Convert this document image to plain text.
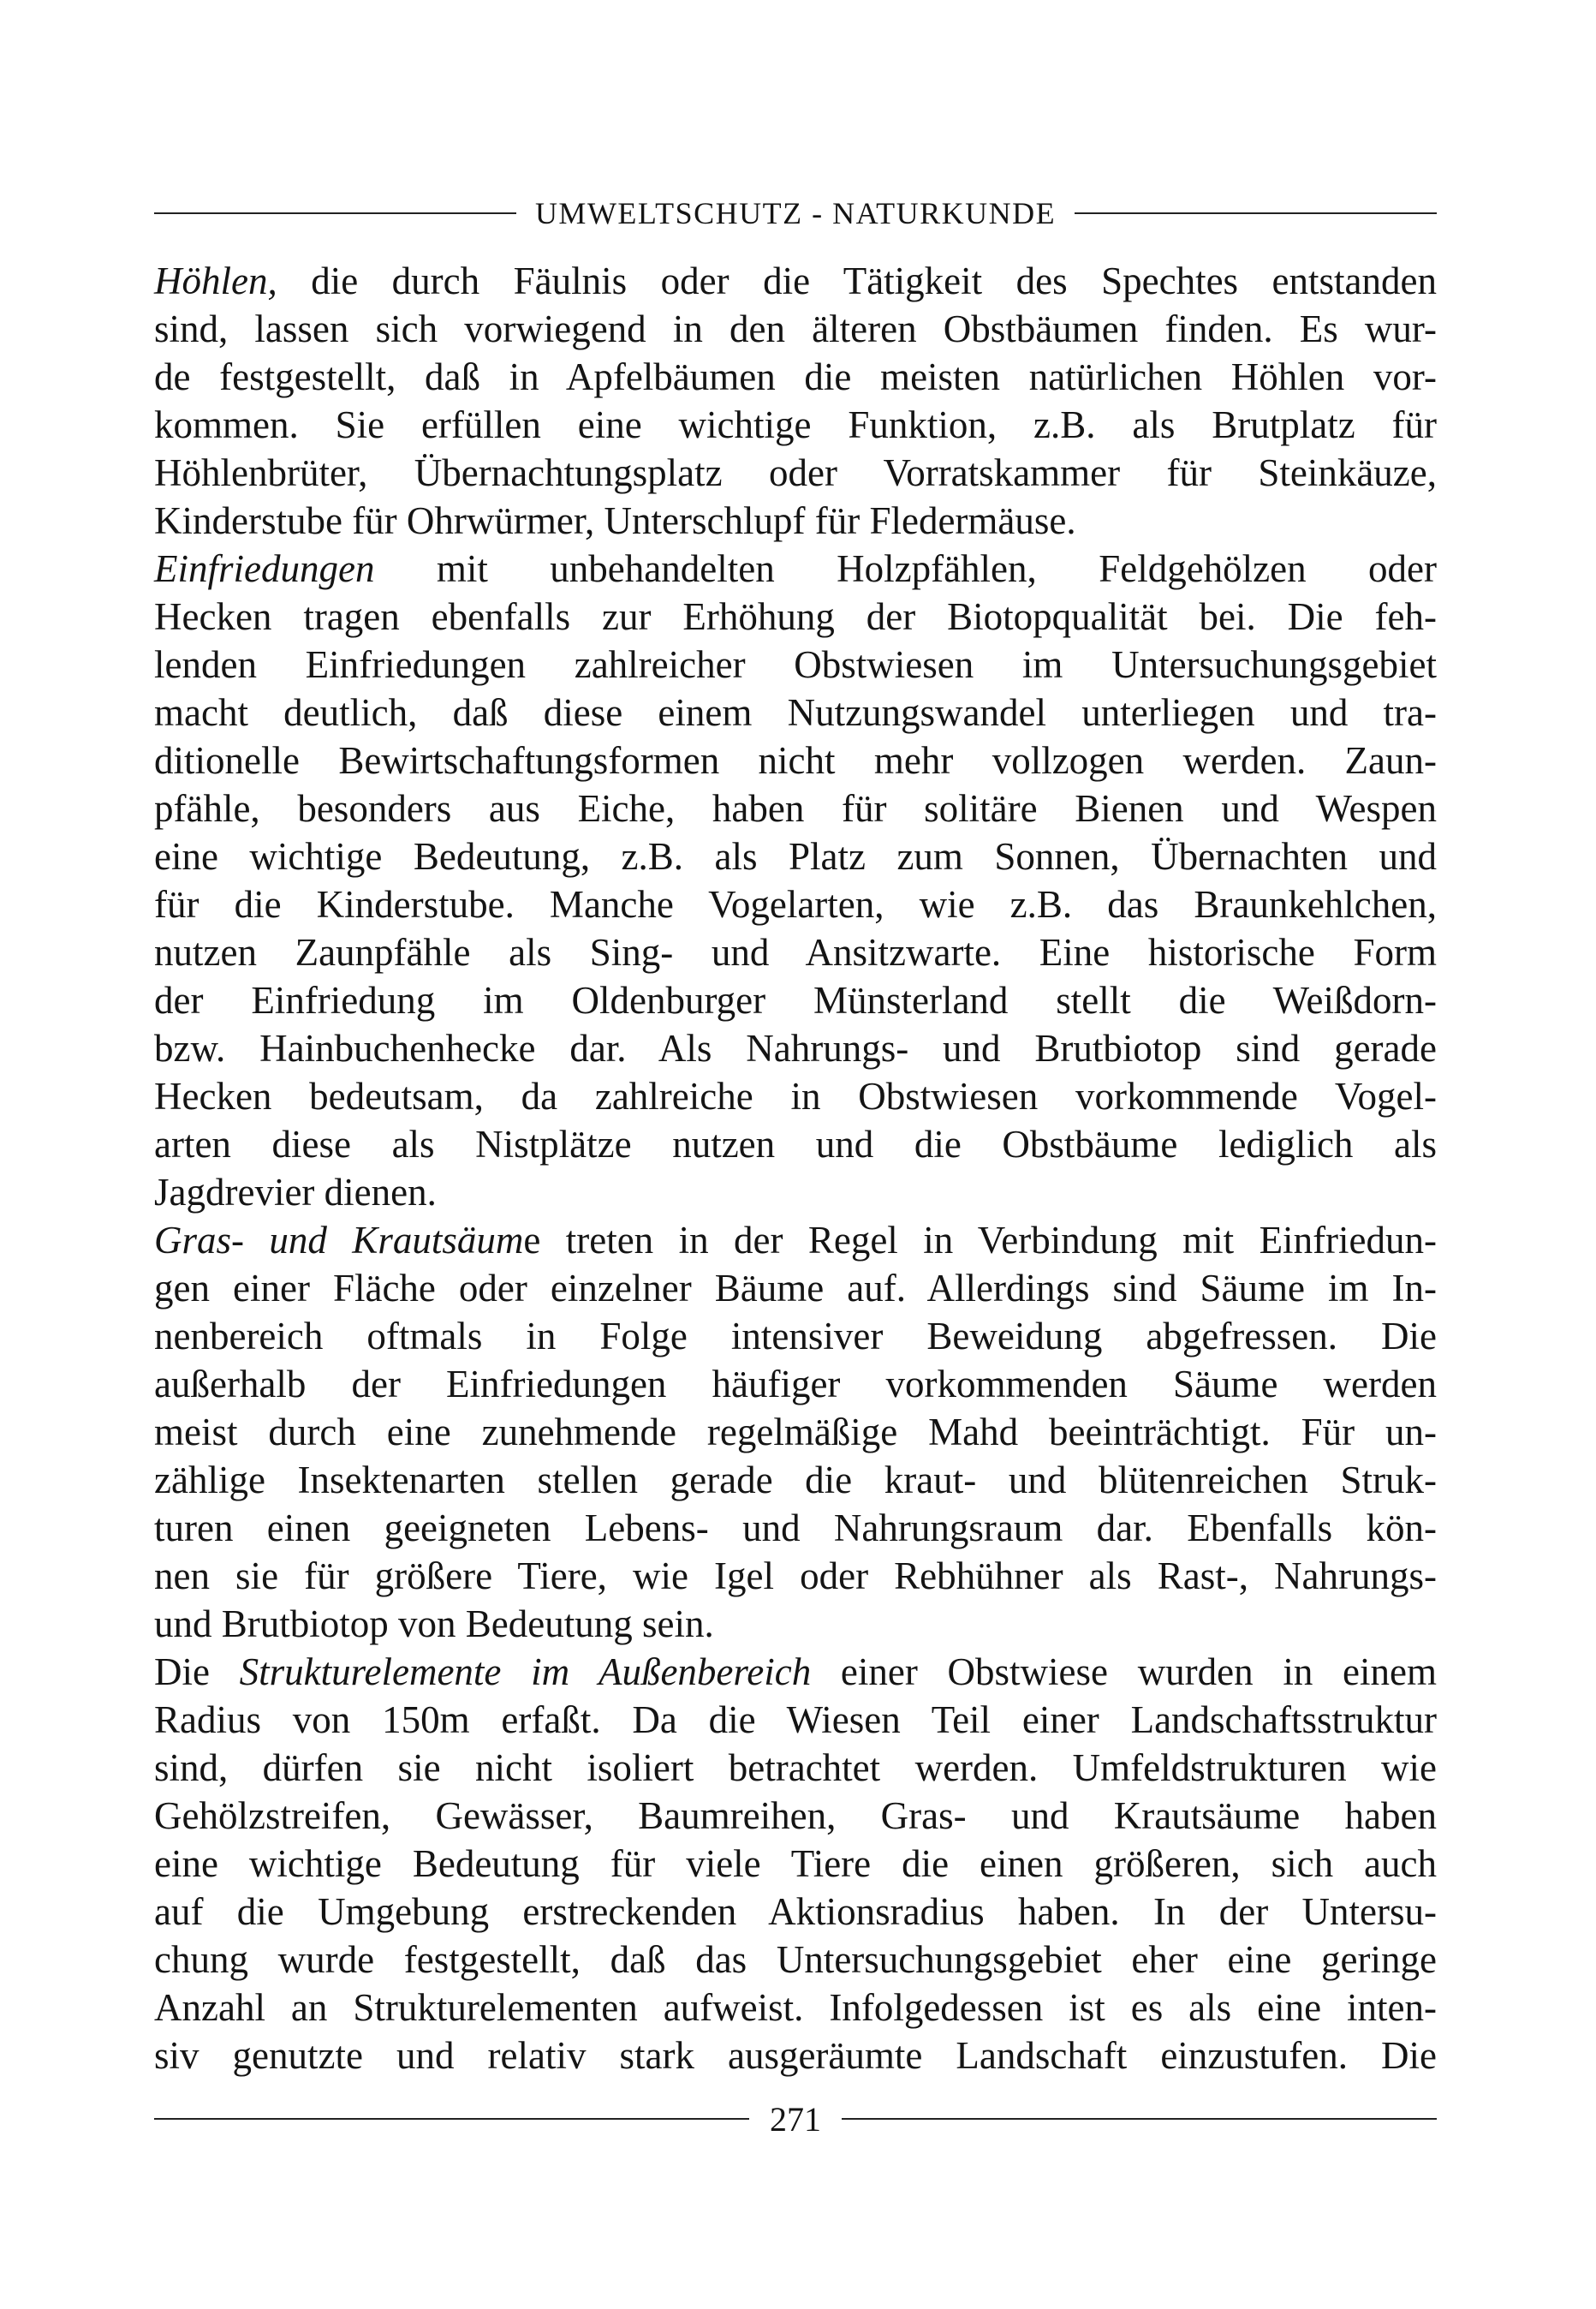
UMWELTSCHUTZ - NATURKUNDE
Höhlen, die durch Fäulnis oder die Tätigkeit des Spechtes entstanden
sind, lassen sich vorwiegend in den älteren Obstbäumen finden. Es wur-
de festgestellt, daß in Apfelbäumen die meisten natürlichen Höhlen vor-
kommen. Sie erfüllen eine wichtige Funktion, z.B. als Brutplatz für
Höhlenbrüter, Übernachtungsplatz oder Vorratskammer für Steinkäuze,
Kinderstube für Ohrwürmer, Unterschlupf für Fledermäuse.
Einfriedungen mit unbehandelten Holzpfählen, Feldgehölzen oder
Hecken tragen ebenfalls zur Erhöhung der Biotopqualität bei. Die feh-
lenden Einfriedungen zahlreicher Obstwiesen im Untersuchungsgebiet
macht deutlich, daß diese einem Nutzungswandel unterliegen und tra-
ditionelle Bewirtschaftungsformen nicht mehr vollzogen werden. Zaun-
pfähle, besonders aus Eiche, haben für solitäre Bienen und Wespen
eine wichtige Bedeutung, z.B. als Platz zum Sonnen, Übernachten und
für die Kinderstube. Manche Vogelarten, wie z.B. das Braunkehlchen,
nutzen Zaunpfähle als Sing- und Ansitzwarte. Eine historische Form
der Einfriedung im Oldenburger Münsterland stellt die Weißdorn-
bzw. Hainbuchenhecke dar. Als Nahrungs- und Brutbiotop sind gerade
Hecken bedeutsam, da zahlreiche in Obstwiesen vorkommende Vogel-
arten diese als Nistplätze nutzen und die Obstbäume lediglich als
Jagdrevier dienen.
Gras- und Krautsäume treten in der Regel in Verbindung mit Einfriedun-
gen einer Fläche oder einzelner Bäume auf. Allerdings sind Säume im In-
nenbereich oftmals in Folge intensiver Beweidung abgefressen. Die
außerhalb der Einfriedungen häufiger vorkommenden Säume werden
meist durch eine zunehmende regelmäßige Mahd beeinträchtigt. Für un-
zählige Insektenarten stellen gerade die kraut- und blütenreichen Struk-
turen einen geeigneten Lebens- und Nahrungsraum dar. Ebenfalls kön-
nen sie für größere Tiere, wie Igel oder Rebhühner als Rast-, Nahrungs-
und Brutbiotop von Bedeutung sein.
Die Strukturelemente im Außenbereich einer Obstwiese wurden in einem
Radius von 150m erfaßt. Da die Wiesen Teil einer Landschaftsstruktur
sind, dürfen sie nicht isoliert betrachtet werden. Umfeldstrukturen wie
Gehölzstreifen, Gewässer, Baumreihen, Gras- und Krautsäume haben
eine wichtige Bedeutung für viele Tiere die einen größeren, sich auch
auf die Umgebung erstreckenden Aktionsradius haben. In der Untersu-
chung wurde festgestellt, daß das Untersuchungsgebiet eher eine geringe
Anzahl an Strukturelementen aufweist. Infolgedessen ist es als eine inten-
siv genutzte und relativ stark ausgeräumte Landschaft einzustufen. Die
271
